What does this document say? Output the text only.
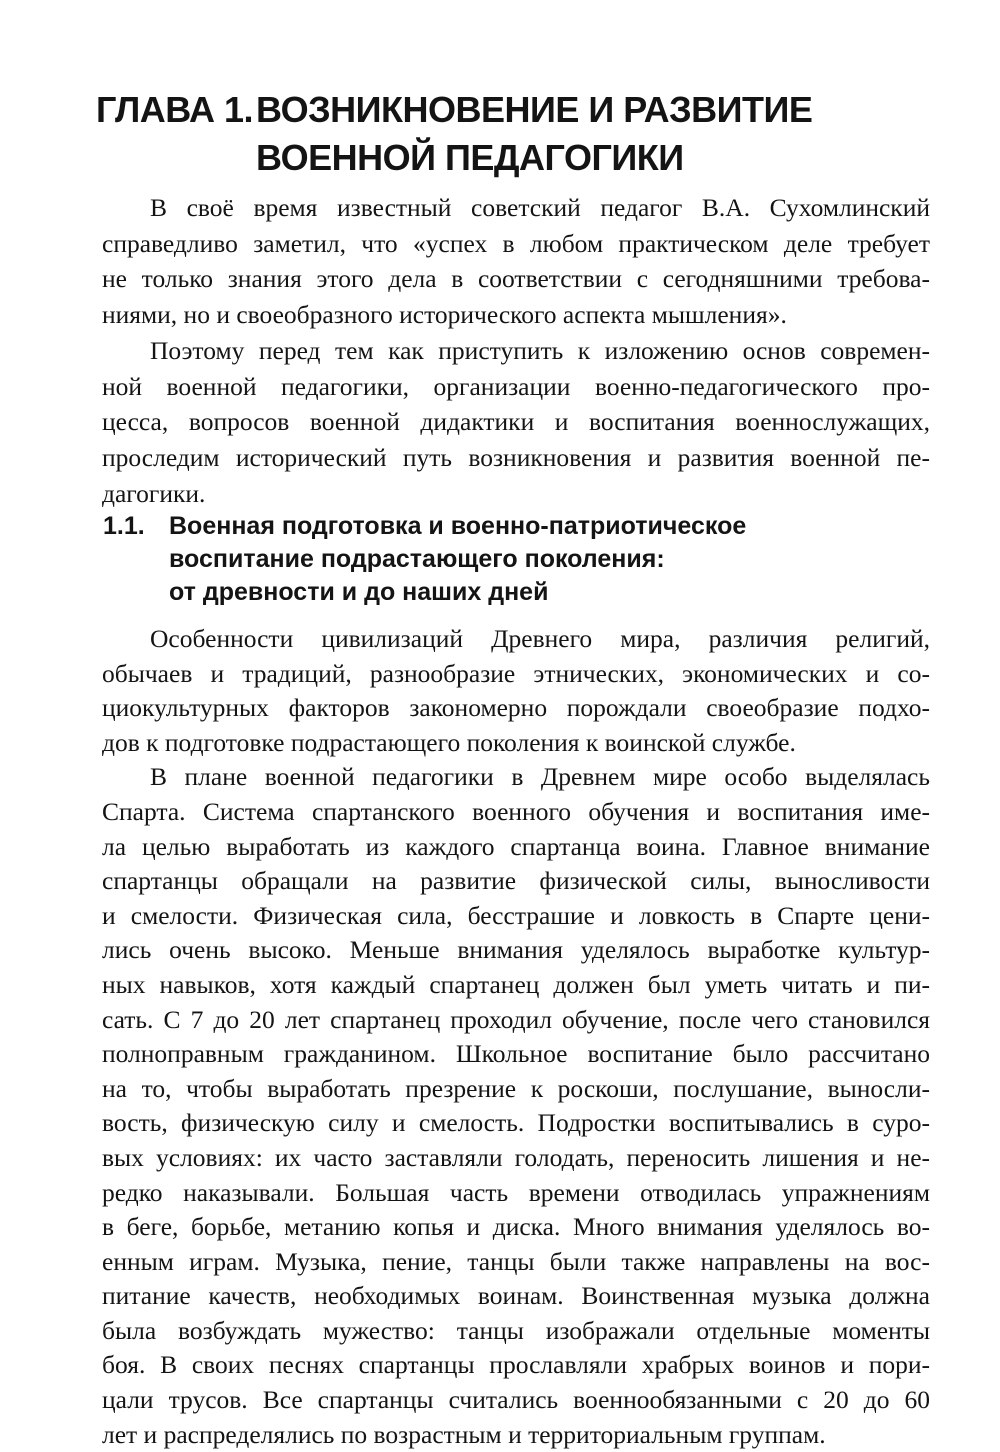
ГЛАВА 1. ВОЗНИКНОВЕНИЕ И РАЗВИТИЕ
ВОЕННОЙ ПЕДАГОГИКИ
В своё время известный советский педагог В.А. Сухомлинский
справедливо заметил, что «успех в любом практическом деле требует
не только знания этого дела в соответствии с сегодняшними требова-
ниями, но и своеобразного исторического аспекта мышления».
Поэтому перед тем как приступить к изложению основ современ-
ной военной педагогики, организации военно-педагогического про-
цесса, вопросов военной дидактики и воспитания военнослужащих,
проследим исторический путь возникновения и развития военной пе-
дагогики.
1.1. Военная подготовка и военно-патриотическое
воспитание подрастающего поколения:
от древности и до наших дней
Особенности цивилизаций Древнего мира, различия религий,
обычаев и традиций, разнообразие этнических, экономических и со-
циокультурных факторов закономерно порождали своеобразие подхо-
дов к подготовке подрастающего поколения к воинской службе.
В плане военной педагогики в Древнем мире особо выделялась
Спарта. Система спартанского военного обучения и воспитания име-
ла целью выработать из каждого спартанца воина. Главное внимание
спартанцы обращали на развитие физической силы, выносливости
и смелости. Физическая сила, бесстрашие и ловкость в Спарте цени-
лись очень высоко. Меньше внимания уделялось выработке культур-
ных навыков, хотя каждый спартанец должен был уметь читать и пи-
сать. С 7 до 20 лет спартанец проходил обучение, после чего становился
полноправным гражданином. Школьное воспитание было рассчитано
на то, чтобы выработать презрение к роскоши, послушание, выносли-
вость, физическую силу и смелость. Подростки воспитывались в суро-
вых условиях: их часто заставляли голодать, переносить лишения и не-
редко наказывали. Большая часть времени отводилась упражнениям
в беге, борьбе, метанию копья и диска. Много внимания уделялось во-
енным играм. Музыка, пение, танцы были также направлены на вос-
питание качеств, необходимых воинам. Воинственная музыка должна
была возбуждать мужество: танцы изображали отдельные моменты
боя. В своих песнях спартанцы прославляли храбрых воинов и пори-
цали трусов. Все спартанцы считались военнообязанными с 20 до 60
лет и распределялись по возрастным и территориальным группам.
